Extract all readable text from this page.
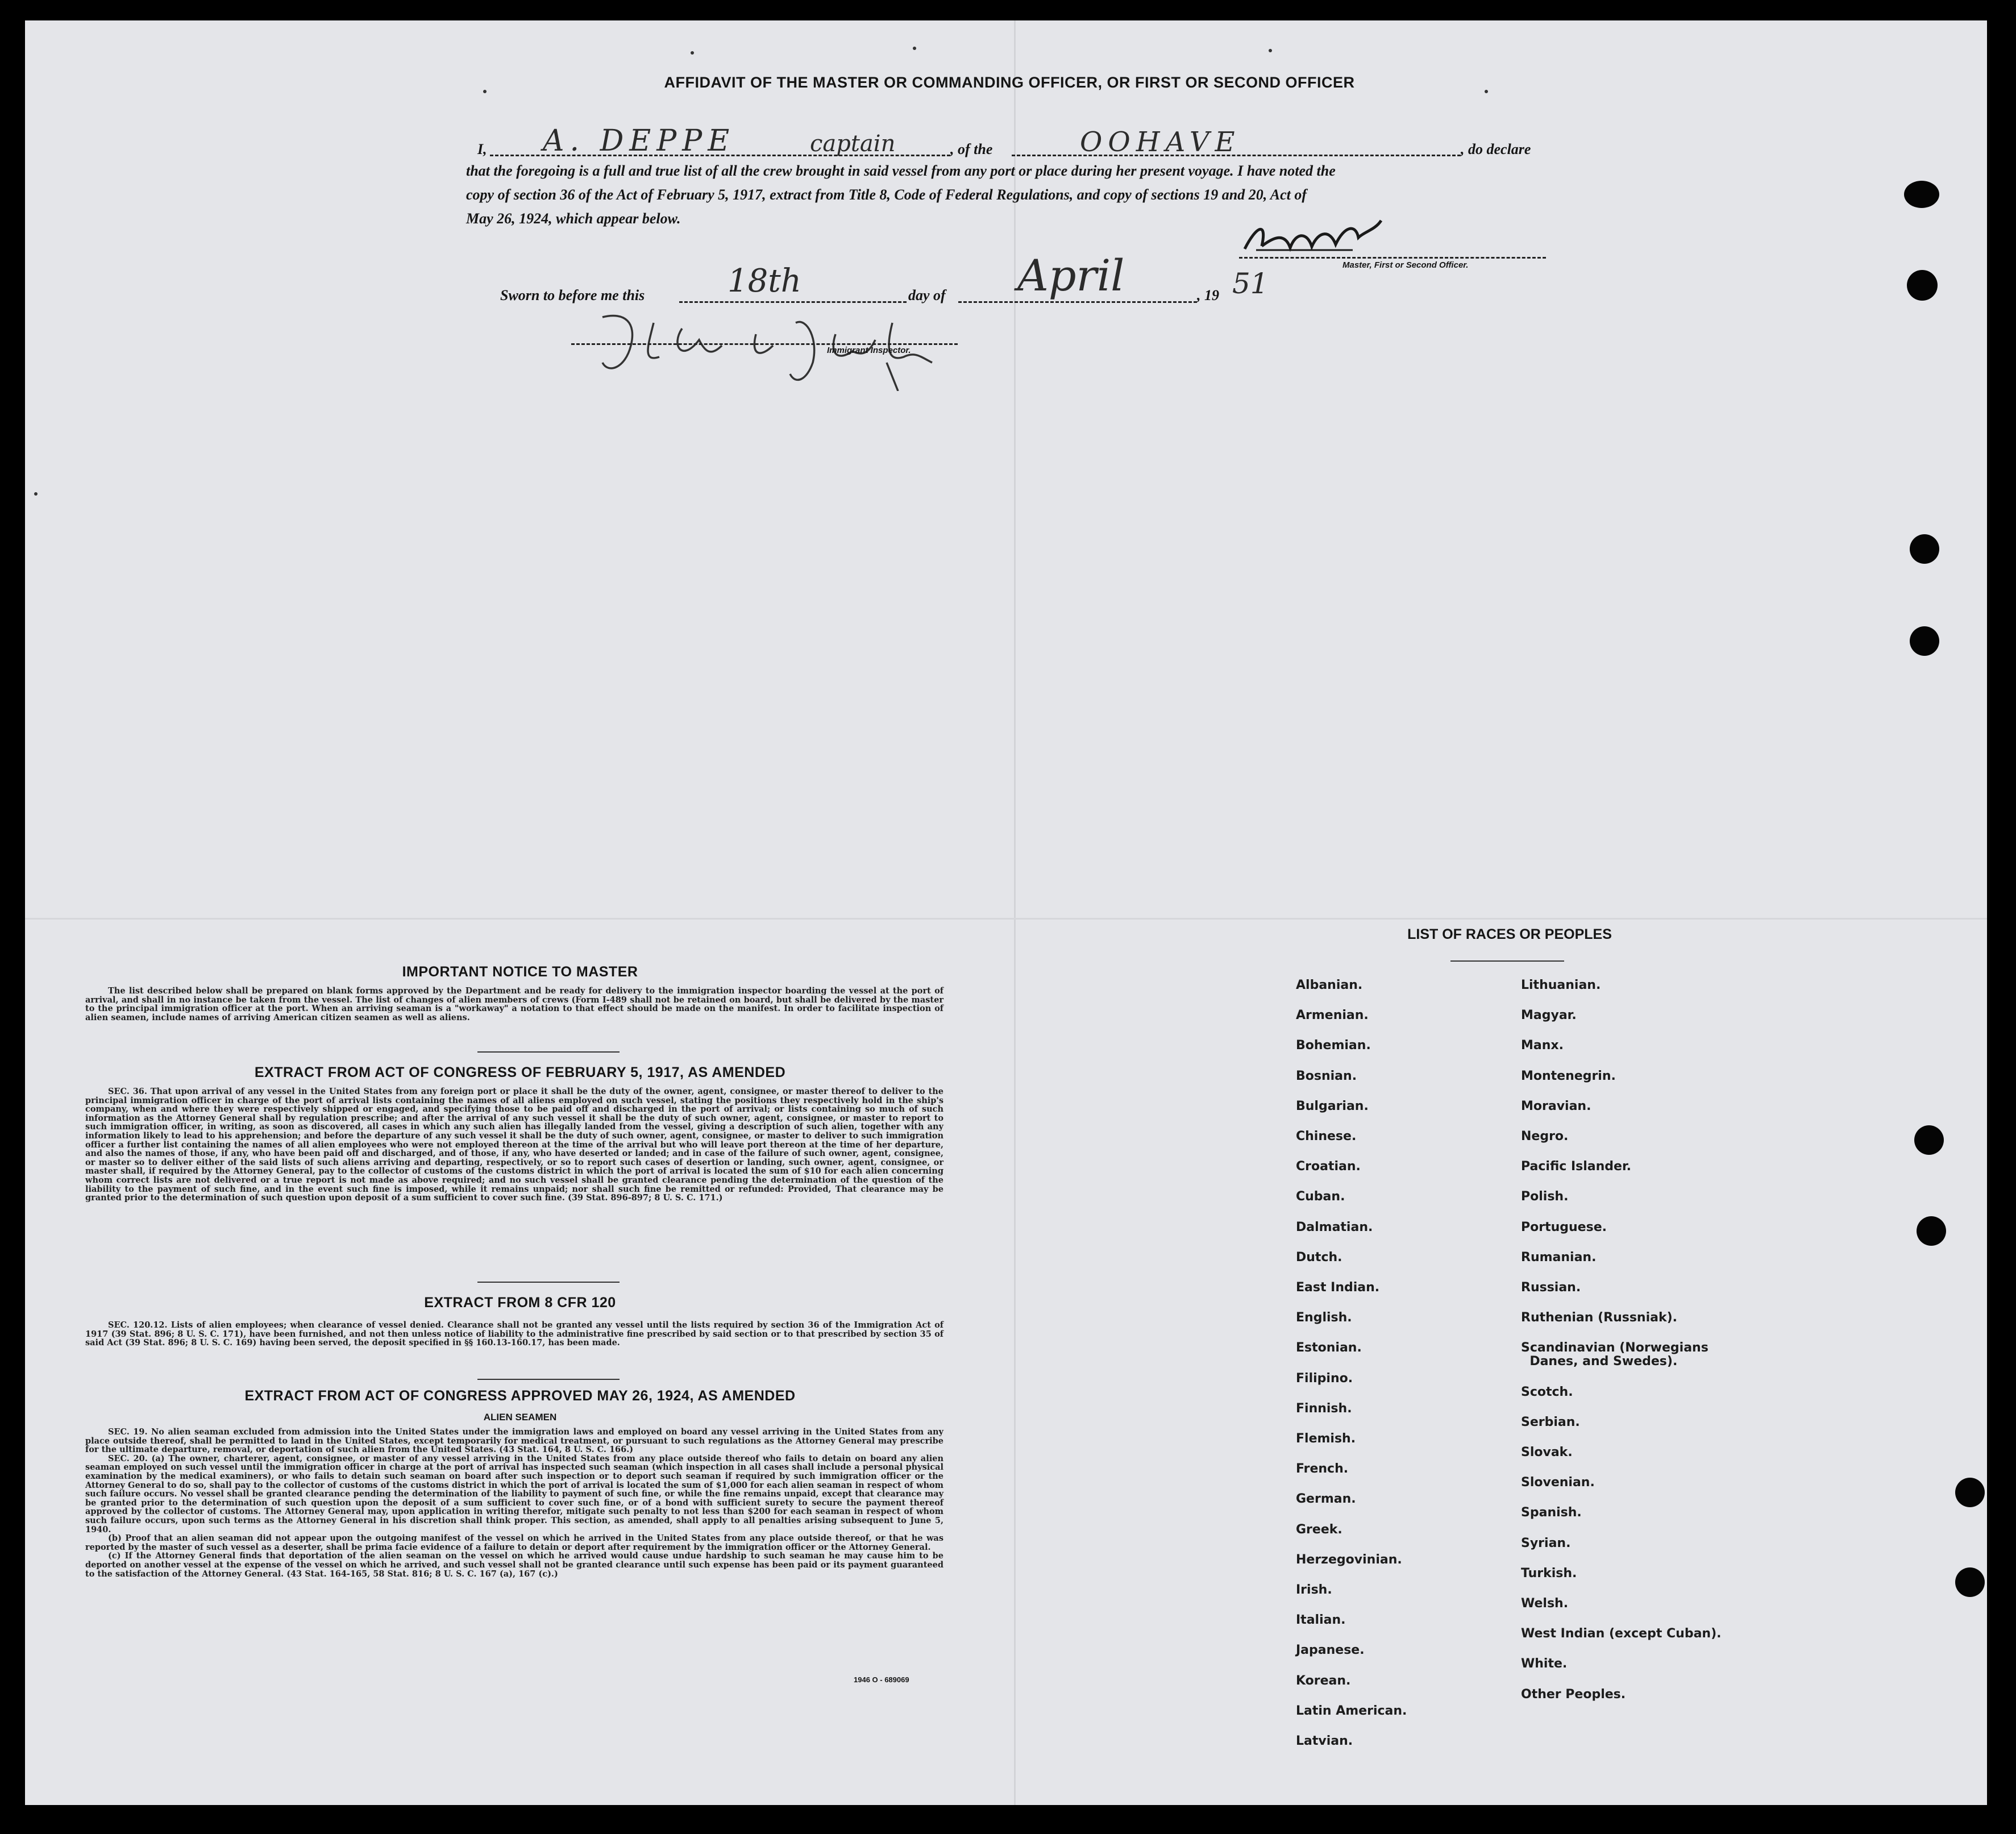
AFFIDAVIT OF THE MASTER OR COMMANDING OFFICER, OR FIRST OR SECOND OFFICER
I, A. DEPPE	captain	, of the	OOHAVE	, do declare
that the foregoing is a full and true list of all the crew brought in said vessel from any port or place during her present voyage. I have noted the
copy of section 36 of the Act of February 5, 1917, extract from Title 8, Code of Federal Regulations, and copy of sections 19 and 20, Act of
May 26, 1924, which appear below.
Master, First or Second Officer.
Sworn to before me this	18th	day of April	, 19 51
Immigrant Inspector.
IMPORTANT NOTICE TO MASTER

The list described below shall be prepared on blank forms approved by the Department and be ready for delivery to the immigration inspector boarding the vessel at the port of arrival, and shall in no instance be taken from the vessel. The list of changes of alien members of crews (Form I-489 shall not be retained on board, but shall be delivered by the master to the principal immigration officer at the port. When an arriving seaman is a "workaway" a notation to that effect should be made on the manifest. In order to facilitate inspection of alien seamen, include names of arriving American citizen seamen as well as aliens.

EXTRACT FROM ACT OF CONGRESS OF FEBRUARY 5, 1917, AS AMENDED

SEC. 36. That upon arrival of any vessel in the United States from any foreign port or place it shall be the duty of the owner, agent, consignee, or master thereof to deliver to the principal immigration officer in charge of the port of arrival lists containing the names of all aliens employed on such vessel, stating the positions they respectively hold in the ship's company, when and where they were respectively shipped or engaged, and specifying those to be paid off and discharged in the port of arrival; or lists containing so much of such information as the Attorney General shall by regulation prescribe; and after the arrival of any such vessel it shall be the duty of such owner, agent, consignee, or master to report to such immigration officer, in writing, as soon as discovered, all cases in which any such alien has illegally landed from the vessel, giving a description of such alien, together with any information likely to lead to his apprehension; and before the departure of any such vessel it shall be the duty of such owner, agent, consignee, or master to deliver to such immigration officer a further list containing the names of all alien employees who were not employed thereon at the time of the arrival but who will leave port thereon at the time of her departure, and also the names of those, if any, who have been paid off and discharged, and of those, if any, who have deserted or landed; and in case of the failure of such owner, agent, consignee, or master so to deliver either of the said lists of such aliens arriving and departing, respectively, or so to report such cases of desertion or landing, such owner, agent, consignee, or master shall, if required by the Attorney General, pay to the collector of customs of the customs district in which the port of arrival is located the sum of $10 for each alien concerning whom correct lists are not delivered or a true report is not made as above required; and no such vessel shall be granted clearance pending the determination of the question of the liability to the payment of such fine, and in the event such fine is imposed, while it remains unpaid; nor shall such fine be remitted or refunded: Provided, That clearance may be granted prior to the determination of such question upon deposit of a sum sufficient to cover such fine. (39 Stat. 896-897; 8 U. S. C. 171.)

EXTRACT FROM 8 CFR 120

SEC. 120.12. Lists of alien employees; when clearance of vessel denied. Clearance shall not be granted any vessel until the lists required by section 36 of the Immigration Act of 1917 (39 Stat. 896; 8 U. S. C. 171), have been furnished, and not then unless notice of liability to the administrative fine prescribed by said section or to that prescribed by section 35 of said Act (39 Stat. 896; 8 U. S. C. 169) having been served, the deposit specified in §§ 160.13-160.17, has been made.

EXTRACT FROM ACT OF CONGRESS APPROVED MAY 26, 1924, AS AMENDED
ALIEN SEAMEN

SEC. 19. No alien seaman excluded from admission into the United States under the immigration laws and employed on board any vessel arriving in the United States from any place outside thereof, shall be permitted to land in the United States, except temporarily for medical treatment, or pursuant to such regulations as the Attorney General may prescribe for the ultimate departure, removal, or deportation of such alien from the United States. (43 Stat. 164, 8 U. S. C. 166.)

SEC. 20. (a) The owner, charterer, agent, consignee, or master of any vessel arriving in the United States from any place outside thereof who fails to detain on board any alien seaman employed on such vessel until the immigration officer in charge at the port of arrival has inspected such seaman (which inspection in all cases shall include a personal physical examination by the medical examiners), or who fails to detain such seaman on board after such inspection or to deport such seaman if required by such immigration officer or the Attorney General to do so, shall pay to the collector of customs of the customs district in which the port of arrival is located the sum of $1,000 for each alien seaman in respect of whom such failure occurs. No vessel shall be granted clearance pending the determination of the liability to payment of such fine, or while the fine remains unpaid, except that clearance may be granted prior to the determination of such question upon the deposit of a sum sufficient to cover such fine, or of a bond with sufficient surety to secure the payment thereof approved by the collector of customs. The Attorney General may, upon application in writing therefor, mitigate such penalty to not less than $200 for each seaman in respect of whom such failure occurs, upon such terms as the Attorney General in his discretion shall think proper. This section, as amended, shall apply to all penalties arising subsequent to June 5, 1940.

(b) Proof that an alien seaman did not appear upon the outgoing manifest of the vessel on which he arrived in the United States from any place outside thereof, or that he was reported by the master of such vessel as a deserter, shall be prima facie evidence of a failure to detain or deport after requirement by the immigration officer or the Attorney General.

(c) If the Attorney General finds that deportation of the alien seaman on the vessel on which he arrived would cause undue hardship to such seaman he may cause him to be deported on another vessel at the expense of the vessel on which he arrived, and such vessel shall not be granted clearance until such expense has been paid or its payment guaranteed to the satisfaction of the Attorney General. (43 Stat. 164-165, 58 Stat. 816; 8 U. S. C. 167 (a), 167 (c).)

1946 O - 689069
LIST OF RACES OR PEOPLES
Albanian.
Armenian.
Bohemian.
Bosnian.
Bulgarian.
Chinese.
Croatian.
Cuban.
Dalmatian.
Dutch.
East Indian.
English.
Estonian.
Filipino.
Finnish.
Flemish.
French.
German.
Greek.
Herzegovinian.
Irish.
Italian.
Japanese.
Korean.
Latin American.
Latvian.
Lithuanian.
Magyar.
Manx.
Montenegrin.
Moravian.
Negro.
Pacific Islander.
Polish.
Portuguese.
Rumanian.
Russian.
Ruthenian (Russniak).
Scandinavian (Norwegians
Danes, and Swedes).
Scotch.
Serbian.
Slovak.
Slovenian.
Spanish.
Syrian.
Turkish.
Welsh.
West Indian (except Cuban).
White.
Other Peoples.
